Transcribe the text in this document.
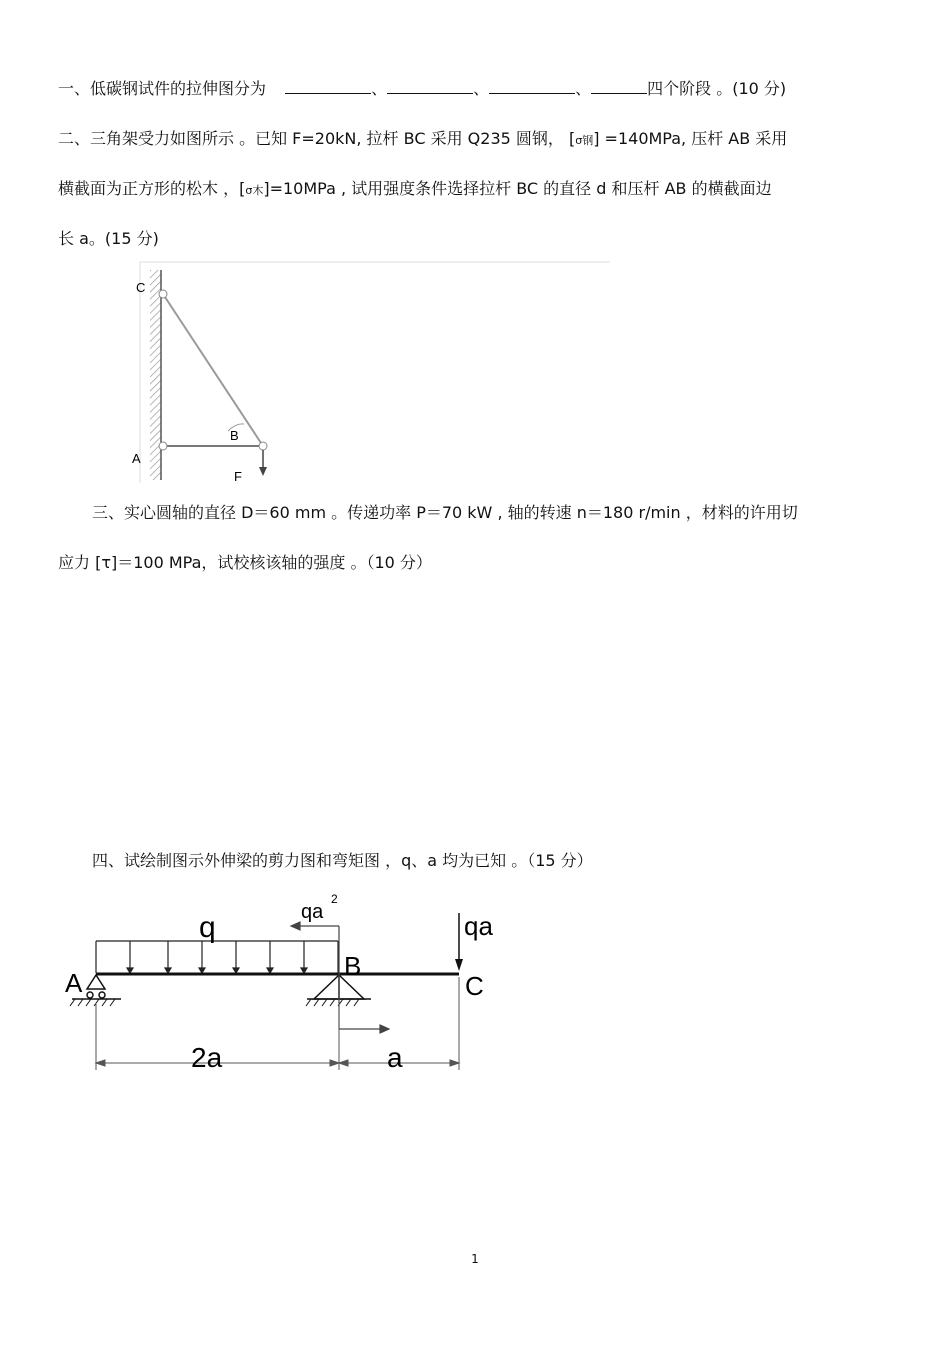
一、低碳钢试件的拉伸图分为	、	、	、	四个阶段 。(10 分)
二、三角架受力如图所示 。已知 F=20kN, 拉杆 BC 采用 Q235 圆钢， [σ钢] =140MPa, 压杆 AB 采用
横截面为正方形的松木 ，[σ木]=10MPa , 试用强度条件选择拉杆 BC 的直径 d 和压杆 AB 的横截面边
长 a。(15 分)
C
B
A
F
三、实心圆轴的直径 D＝60 mm 。传递功率 P＝70 kW , 轴的转速 n＝180 r/min ，材料的许用切
应力 [τ]＝100 MPa，试校核该轴的强度 。（10 分）
四、试绘制图示外伸梁的剪力图和弯矩图 ，q、a 均为已知 。（15 分）
q	qa
2
qa
A
B
C
2a	a
1
